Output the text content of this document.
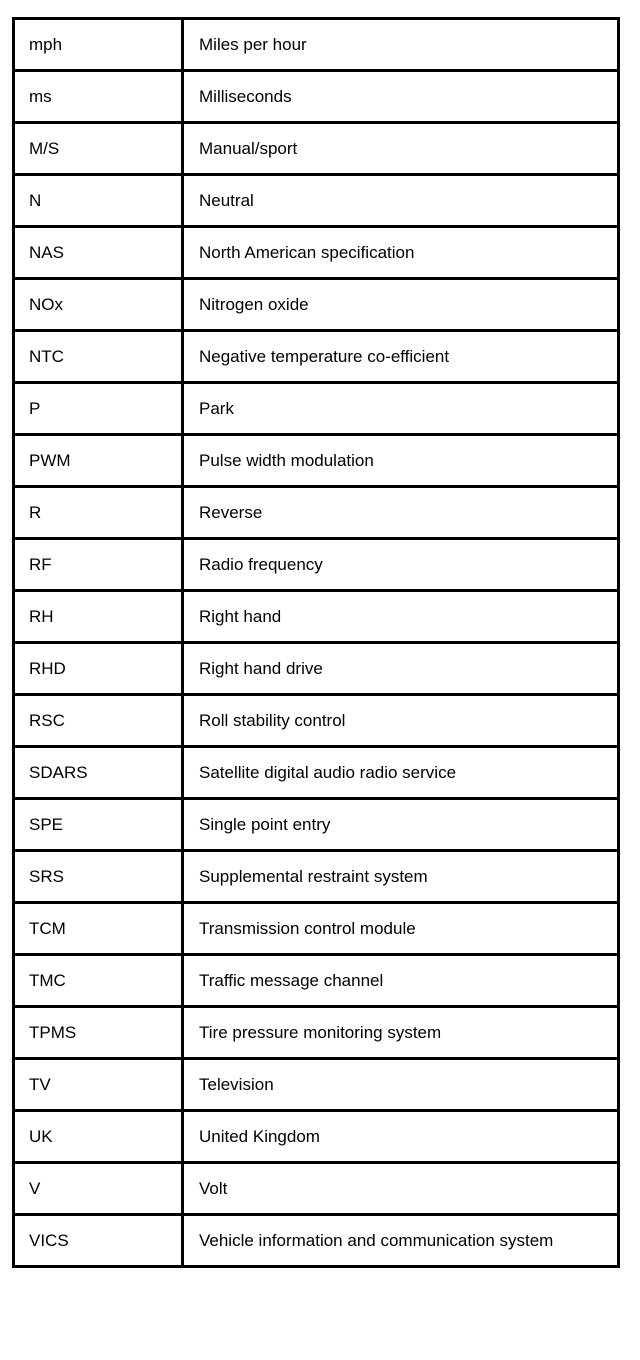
mph	Miles per hour
ms	Milliseconds
M/S	Manual/sport
N	Neutral
NAS	North American specification
NOx	Nitrogen oxide
NTC	Negative temperature co-efficient
P	Park
PWM	Pulse width modulation
R	Reverse
RF	Radio frequency
RH	Right hand
RHD	Right hand drive
RSC	Roll stability control
SDARS	Satellite digital audio radio service
SPE	Single point entry
SRS	Supplemental restraint system
TCM	Transmission control module
TMC	Traffic message channel
TPMS	Tire pressure monitoring system
TV	Television
UK	United Kingdom
V	Volt
VICS	Vehicle information and communication system
